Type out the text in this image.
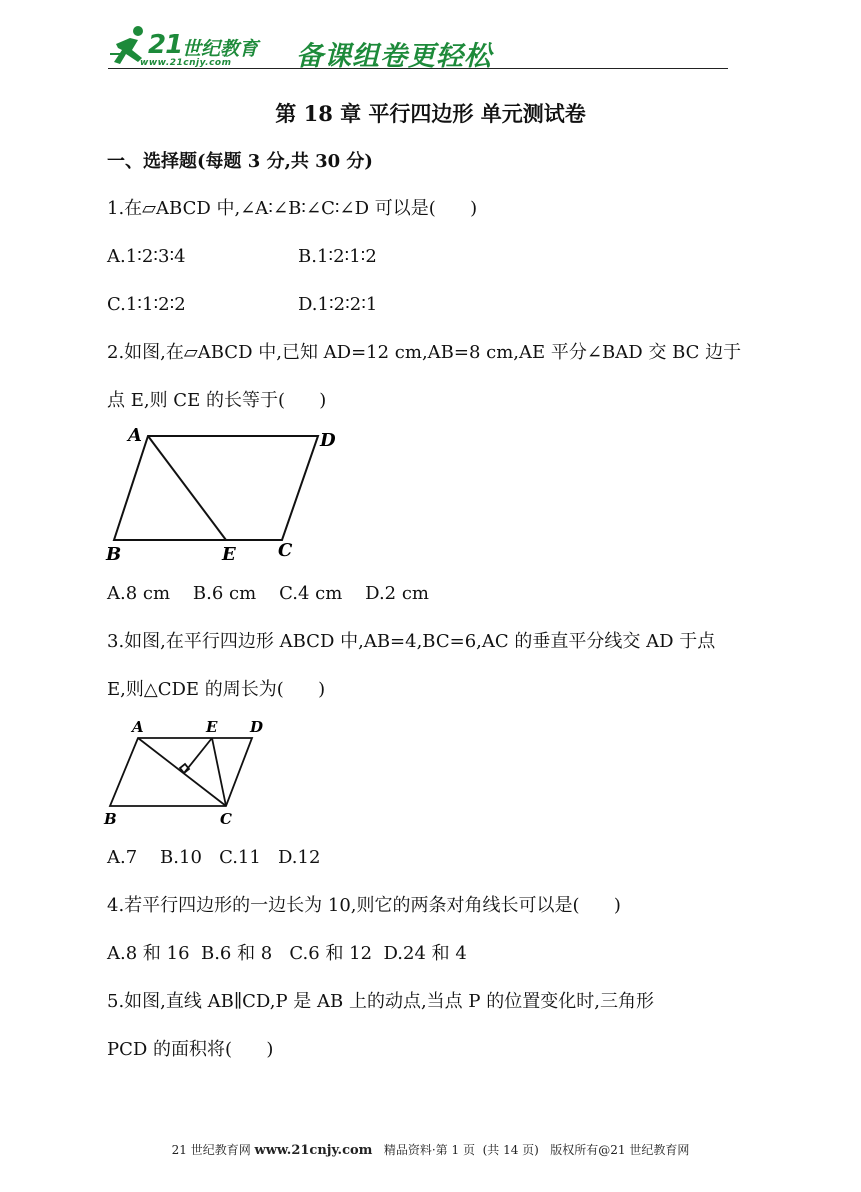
21 世纪教育
www.21cnjy.com 备课组卷更轻松
第 18 章 平行四边形 单元测试卷
一、选择题(每题 3 分,共 30 分)
1.在▱ABCD 中,∠A∶∠B∶∠C∶∠D 可以是(      )
A.1∶2∶3∶4	B.1∶2∶1∶2
C.1∶1∶2∶2	D.1∶2∶2∶1
2.如图,在▱ABCD 中,已知 AD=12 cm,AB=8 cm,AE 平分∠BAD 交 BC 边于
点 E,则 CE 的长等于(      )
A	D
B	E C
A.8 cm    B.6 cm    C.4 cm    D.2 cm
3.如图,在平行四边形 ABCD 中,AB=4,BC=6,AC 的垂直平分线交 AD 于点
E,则△CDE 的周长为(      )
A	E D
B	C
A.7    B.10   C.11   D.12
4.若平行四边形的一边长为 10,则它的两条对角线长可以是(      )
A.8 和 16  B.6 和 8   C.6 和 12  D.24 和 4
5.如图,直线 AB∥CD,P 是 AB 上的动点,当点 P 的位置变化时,三角形
PCD 的面积将(      )
21 世纪教育网 www.21cnjy.com   精品资料·第 1 页  (共 14 页)   版权所有@21 世纪教育网
